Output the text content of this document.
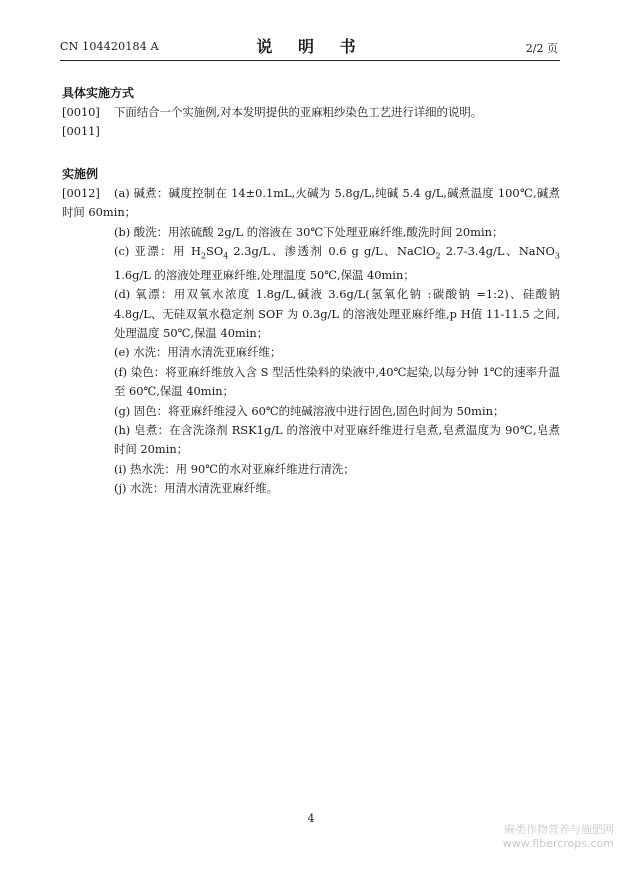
CN 104420184 A	说 明 书	2/2 页
具体实施方式
[0010] 下面结合一个实施例,对本发明提供的亚麻粗纱染色工艺进行详细的说明。
[0011]
实施例
[0012] (a) 碱煮：碱度控制在 14±0.1mL,火碱为 5.8g/L,纯碱 5.4 g/L,碱煮温度 100℃,碱煮时间 60min；
(b) 酸洗：用浓硫酸 2g/L 的溶液在 30℃下处理亚麻纤维,酸洗时间 20min；
(c) 亚漂：用 $H_2SO_4$ 2.3g/L、渗透剂 0.6 g g/L、NaClO$_2$ 2.7-3.4g/L、NaNO$_3$ 1.6g/L 的溶液处理亚麻纤维,处理温度 50℃,保温 40min；
(d) 氧漂：用双氧水浓度 1.8g/L,碱液 3.6g/L(氢氧化钠 :碳酸钠 =1:2)、硅酸钠 4.8g/L、无硅双氧水稳定剂 SOF 为 0.3g/L 的溶液处理亚麻纤维,p H值 11-11.5 之间,处理温度 50℃,保温 40min；
(e) 水洗：用清水清洗亚麻纤维；
(f) 染色：将亚麻纤维放入含 S 型活性染料的染液中,40℃起染,以每分钟 1℃的速率升温至 60℃,保温 40min；
(g) 固色：将亚麻纤维浸入 60℃的纯碱溶液中进行固色,固色时间为 50min；
(h) 皂煮：在含洗涤剂 RSK1g/L 的溶液中对亚麻纤维进行皂煮,皂煮温度为 90℃,皂煮时间 20min；
(i) 热水洗：用 90℃的水对亚麻纤维进行清洗；
(j) 水洗：用清水清洗亚麻纤维。
4
麻类作物营养与施肥网
www.fibercrops.com
